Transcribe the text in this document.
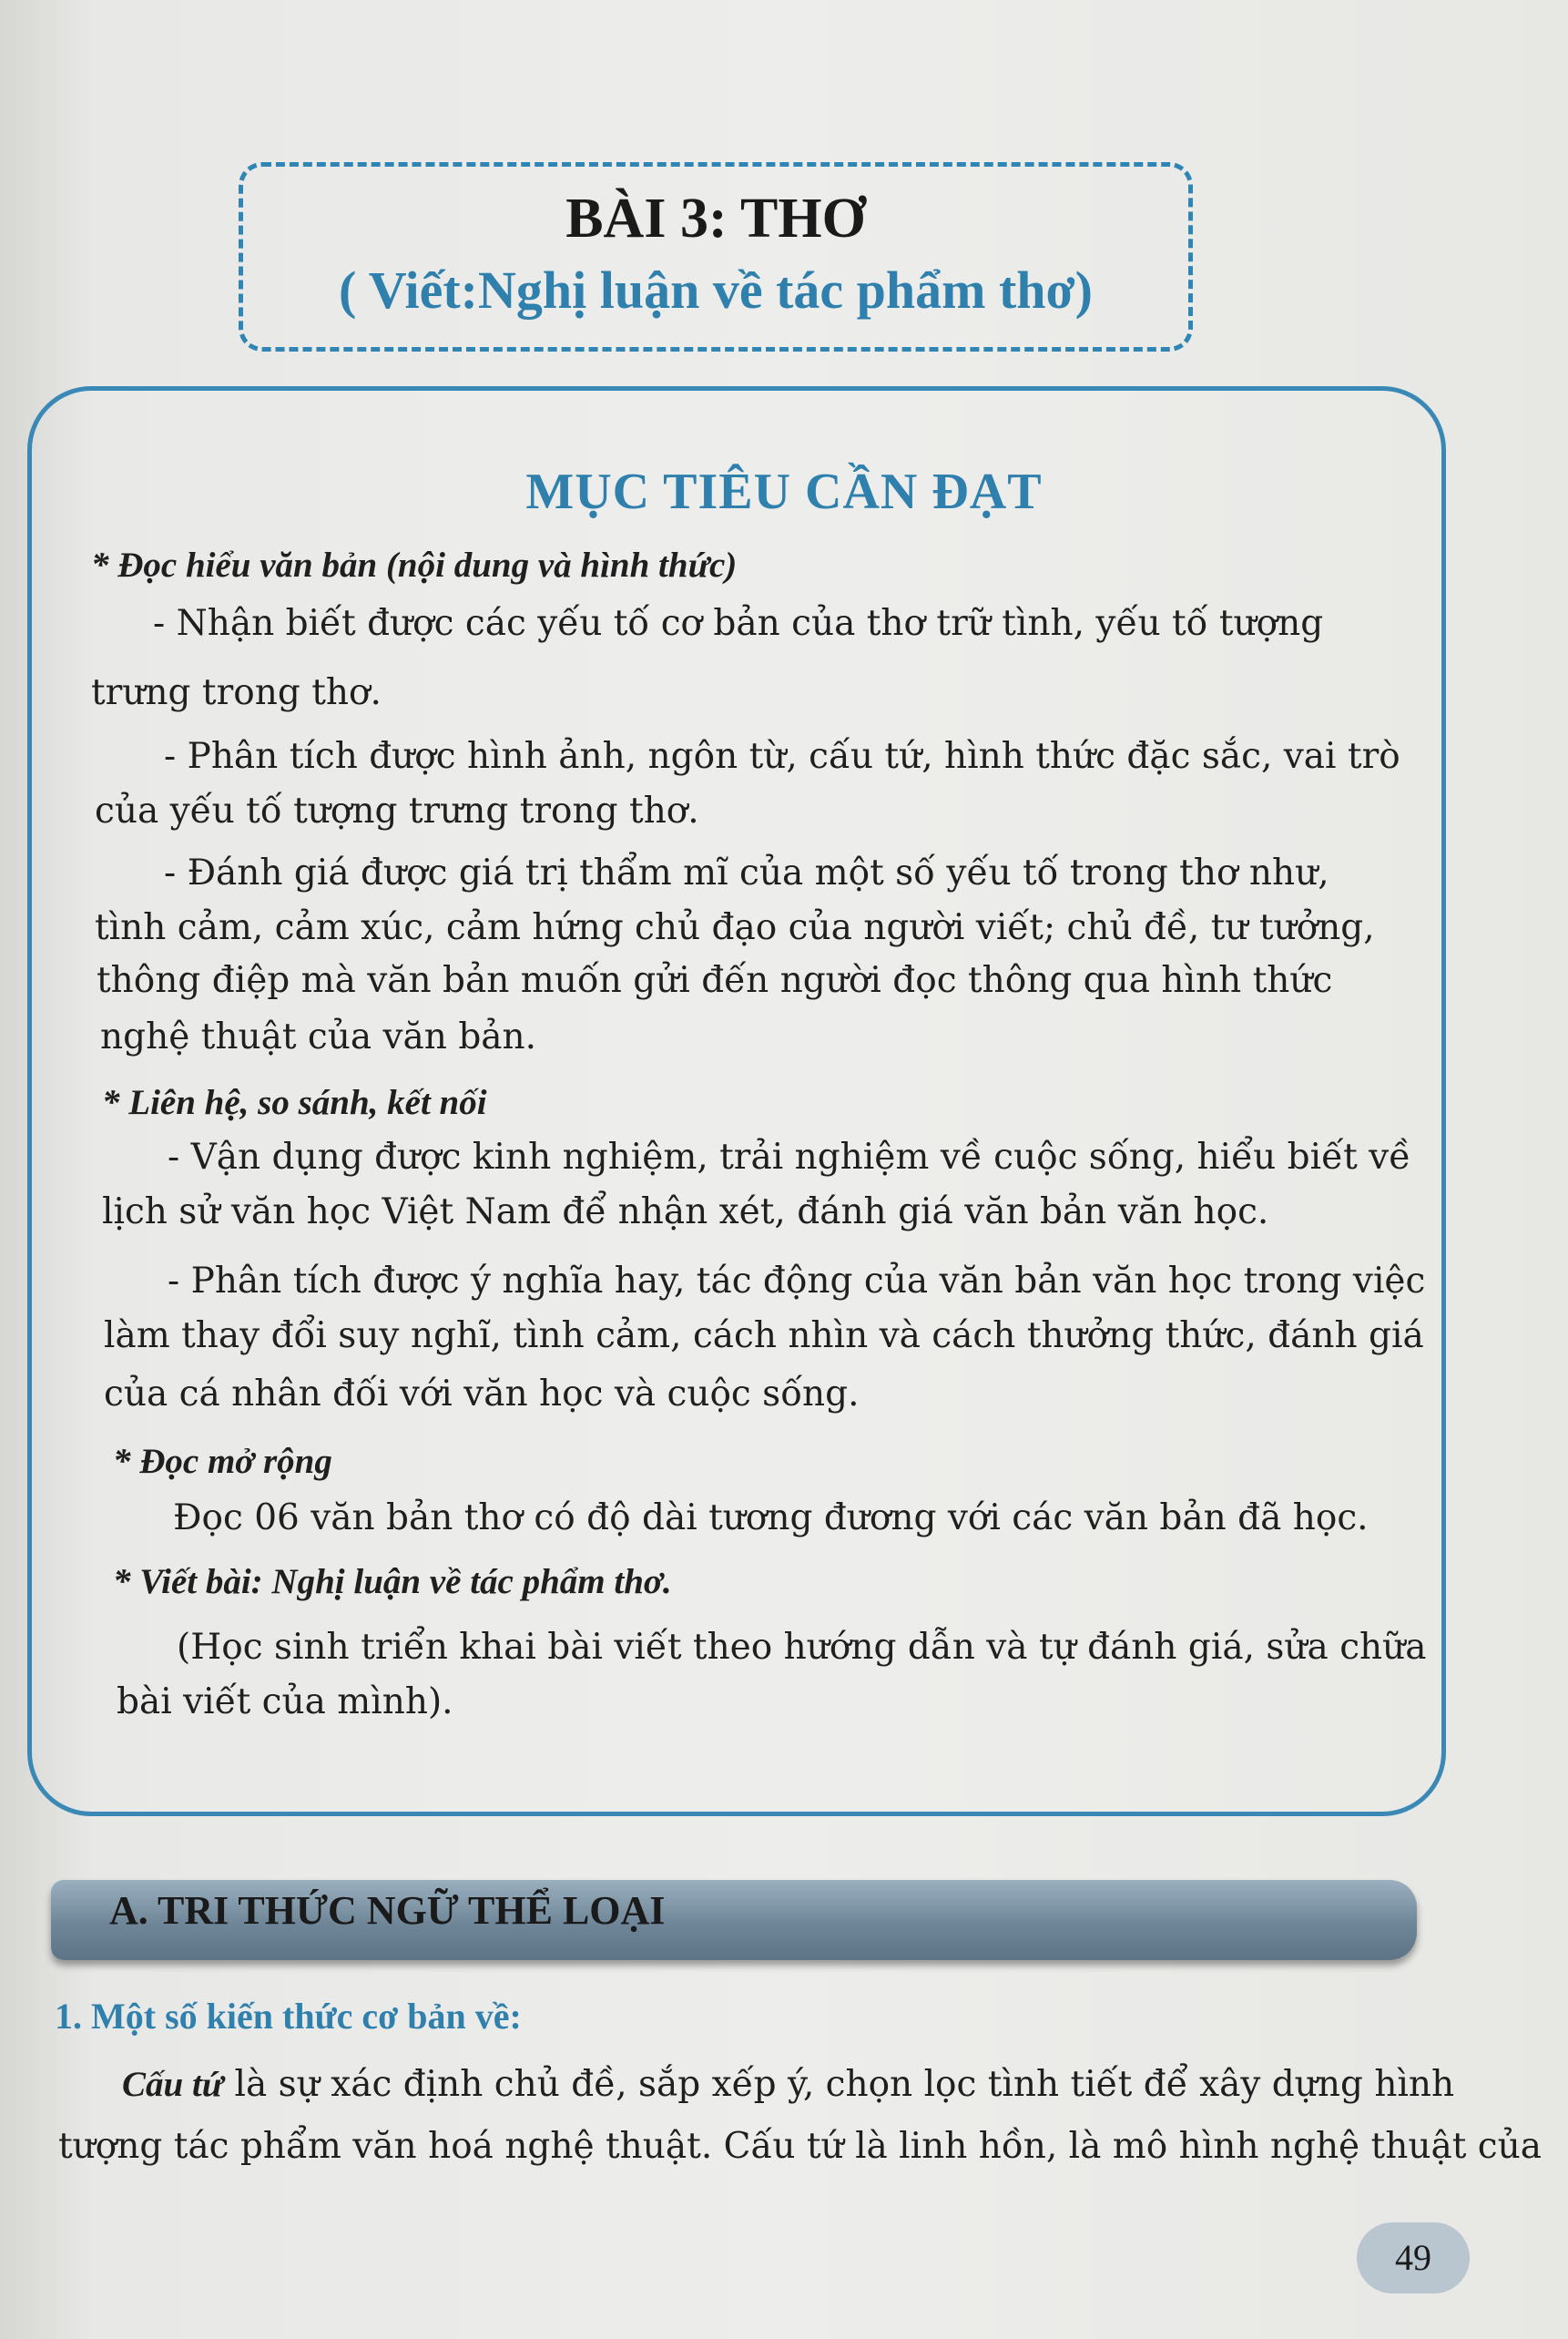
BÀI 3: THƠ
( Viết:Nghị luận về tác phẩm thơ)
MỤC TIÊU CẦN ĐẠT
* Đọc hiểu văn bản (nội dung và hình thức)
- Nhận biết được các yếu tố cơ bản của thơ trữ tình, yếu tố tượng
trưng trong thơ.
- Phân tích được hình ảnh, ngôn từ, cấu tứ, hình thức đặc sắc, vai trò
của yếu tố tượng trưng trong thơ.
- Đánh giá được giá trị thẩm mĩ của một số yếu tố trong thơ như,
tình cảm, cảm xúc, cảm hứng chủ đạo của người viết; chủ đề, tư tưởng,
thông điệp mà văn bản muốn gửi đến người đọc thông qua hình thức
nghệ thuật của văn bản.
* Liên hệ, so sánh, kết nối
- Vận dụng được kinh nghiệm, trải nghiệm về cuộc sống, hiểu biết về
lịch sử văn học Việt Nam để nhận xét, đánh giá văn bản văn học.
- Phân tích được ý nghĩa hay, tác động của văn bản văn học trong việc
làm thay đổi suy nghĩ, tình cảm, cách nhìn và cách thưởng thức, đánh giá
của cá nhân đối với văn học và cuộc sống.
* Đọc mở rộng
Đọc 06 văn bản thơ có độ dài tương đương với các văn bản đã học.
* Viết bài: Nghị luận về tác phẩm thơ.
(Học sinh triển khai bài viết theo hướng dẫn và tự đánh giá, sửa chữa
bài viết của mình).
A. TRI THỨC NGỮ THỂ LOẠI
1. Một số kiến thức cơ bản về:
Cấu tứ là sự xác định chủ đề, sắp xếp ý, chọn lọc tình tiết để xây dựng hình
tượng tác phẩm văn hoá nghệ thuật. Cấu tứ là linh hồn, là mô hình nghệ thuật của
49
